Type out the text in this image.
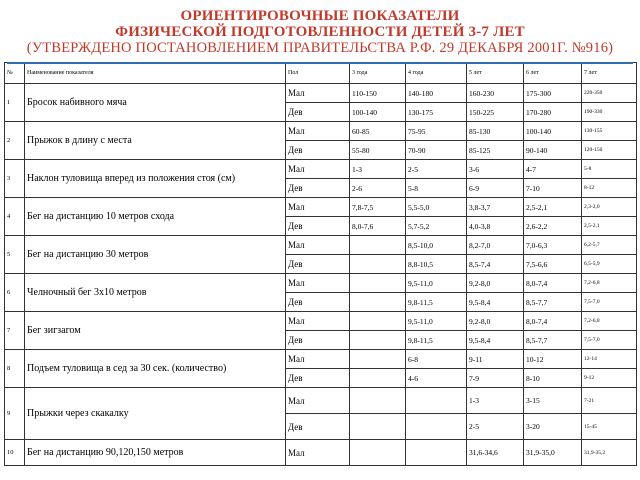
ОРИЕНТИРОВОЧНЫЕ ПОКАЗАТЕЛИ
ФИЗИЧЕСКОЙ ПОДГОТОВЛЕННОСТИ ДЕТЕЙ 3-7 ЛЕТ
(УТВЕРЖДЕНО ПОСТАНОВЛЕНИЕМ ПРАВИТЕЛЬСТВА Р.Ф. 29 ДЕКАБРЯ 2001Г. №916)
№	Наименование показателя	Пол	3 года	4 года	5 лет	6 лет	7 лет
1	Бросок набивного мяча	Мал	110-150	140-180	160-230	175-300	220-350
		Дев	100-140	130-175	150-225	170-280	190-330
2	Прыжок в длину с места	Мал	60-85	75-95	85-130	100-140	130-155
		Дев	55-80	70-90	85-125	90-140	120-150
3	Наклон туловища вперед из положения стоя (см)	Мал	1-3	2-5	3-6	4-7	5-8
		Дев	2-6	5-8	6-9	7-10	8-12
4	Бег на дистанцию 10 метров схода	Мал	7,8-7,5	5,5-5,0	3,8-3,7	2,5-2,1	2,3-2,0
		Дев	8,0-7,6	5,7-5,2	4,0-3,8	2,6-2,2	2,5-2,1
5	Бег на дистанцию 30 метров	Мал		8,5-10,0	8,2-7,0	7,0-6,3	6,2-5,7
		Дев		8,8-10,5	8,5-7,4	7,5-6,6	6,5-5,9
6	Челночный бег 3х10 метров	Мал		9,5-11,0	9,2-8,0	8,0-7,4	7,2-6,8
		Дев		9,8-11,5	9,5-8,4	8,5-7,7	7,5-7,0
7	Бег зигзагом	Мал		9,5-11,0	9,2-8,0	8,0-7,4	7,2-6,8
		Дев		9,8-11,5	9,5-8,4	8,5-7,7	7,5-7,0
8	Подъем туловища в сед за 30 сек. (количество)	Мал		6-8	9-11	10-12	12-14
		Дев		4-6	7-9	8-10	9-12
9	Прыжки через скакалку	Мал			1-3	3-15	7-21
		Дев			2-5	3-20	15-45
10	Бег на дистанцию 90,120,150 метров	Мал			31,6-34,6	31,9-35,0	31,9-35,2
